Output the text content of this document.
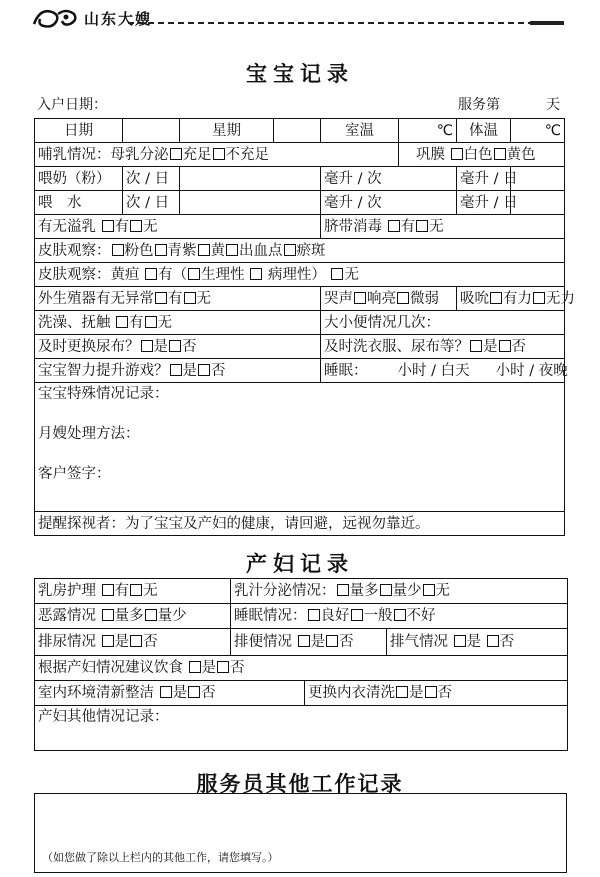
山东大嫂
宝宝记录
入户日期：	服务第	天
日期		星期		室温	℃	体温	℃
哺乳情况：母乳分泌 充足 不充足					巩膜 白色 黄色		
喂奶（粉）	次 / 日			毫升 / 次		毫升 / 日	
喂　水	次 / 日			毫升 / 次		毫升 / 日	
有无溢乳 有 无				脐带消毒 有 无			
皮肤观察： 粉色 青紫 黄 出血点 瘀斑							
皮肤观察：黄疸 有（ 生理性 病理性） 无							
外生殖器有无异常 有 无				哭声 响亮 微弱		吸吮 有力 无力	
洗澡、抚触 有 无				大小便情况几次：			
及时更换尿布？ 是 否				及时洗衣服、尿布等？ 是 否			
宝宝智力提升游戏？ 是 否				睡眠： 小时 / 白天 小时 / 夜晚			

宝宝特殊情况记录：
月嫂处理方法：
客户签字：							

提醒探视者：为了宝宝及产妇的健康，请回避，远视勿靠近。							
产妇记录
乳房护理 有 无	乳汁分泌情况： 量多 量少 无		
恶露情况 量多 量少	睡眠情况： 良好 一般 不好		
排尿情况 是 否	排便情况 是 否		排气情况 是 否
根据产妇情况建议饮食 是 否			
室内环境清新整洁 是 否		更换内衣清洗 是 否	
产妇其他情况记录：			
服务员其他工作记录
（如您做了除以上栏内的其他工作，请您填写。）
